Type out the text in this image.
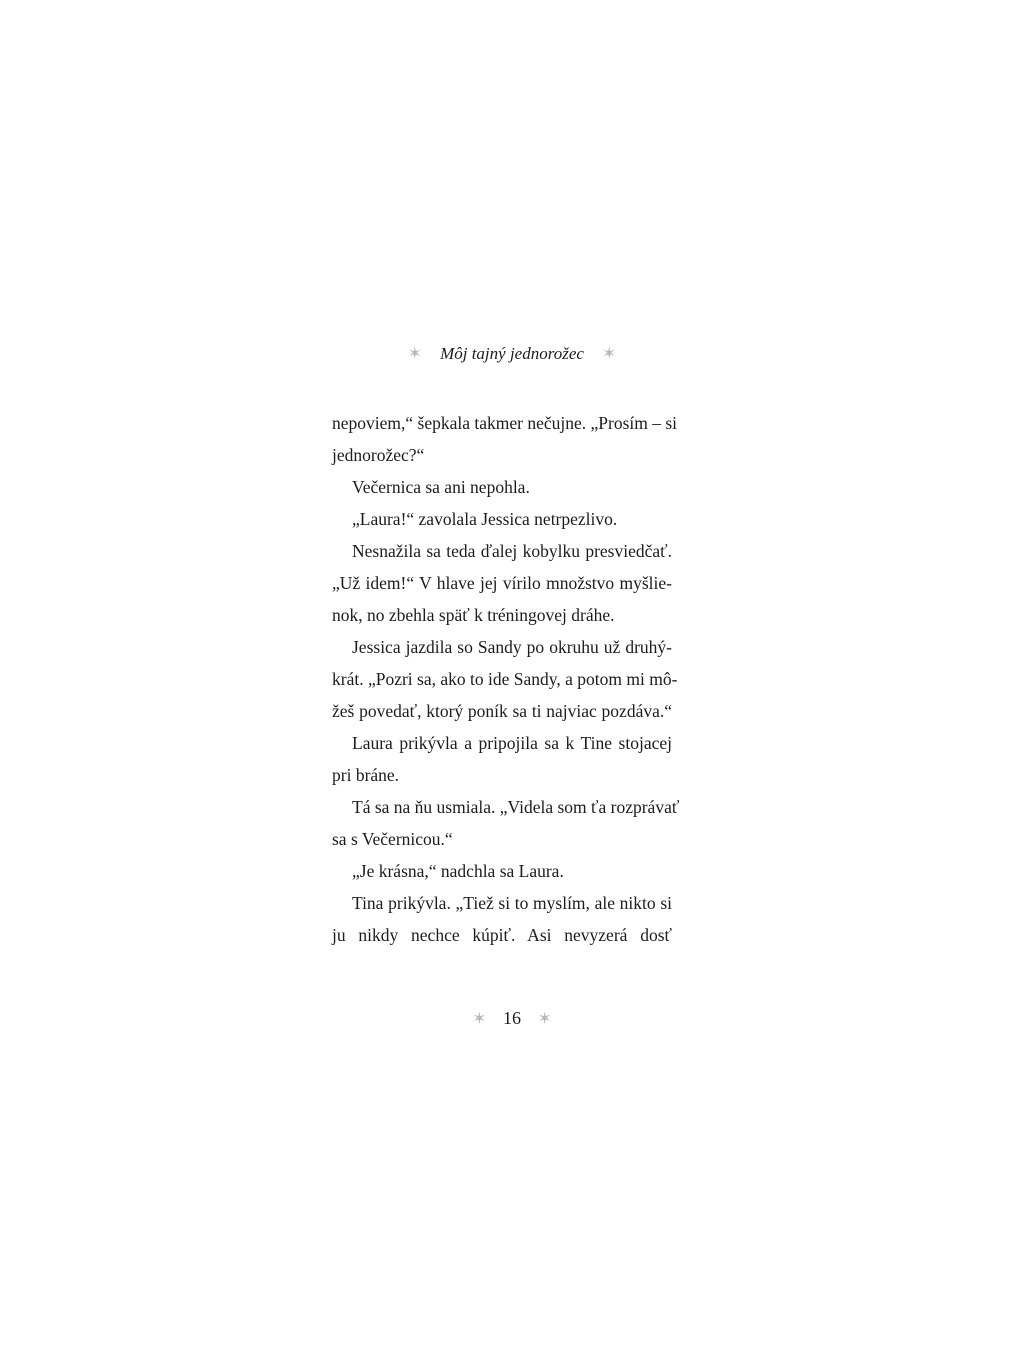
✶ Môj tajný jednorožec ✶
nepoviem,“ šepkala takmer nečujne. „Prosím – si
jednorožec?“
Večernica sa ani nepohla.
„Laura!“ zavolala Jessica netrpezlivo.
Nesnažila sa teda ďalej kobylku presviedčať.
„Už idem!“ V hlave jej vírilo množstvo myšlie-
nok, no zbehla späť k tréningovej dráhe.
Jessica jazdila so Sandy po okruhu už druhý-
krát. „Pozri sa, ako to ide Sandy, a potom mi mô-
žeš povedať, ktorý poník sa ti najviac pozdáva.“
Laura prikývla a pripojila sa k Tine stojacej
pri bráne.
Tá sa na ňu usmiala. „Videla som ťa rozprávať
sa s Večernicou.“
„Je krásna,“ nadchla sa Laura.
Tina prikývla. „Tiež si to myslím, ale nikto si
ju nikdy nechce kúpiť. Asi nevyzerá dosť
✶ 16 ✶
